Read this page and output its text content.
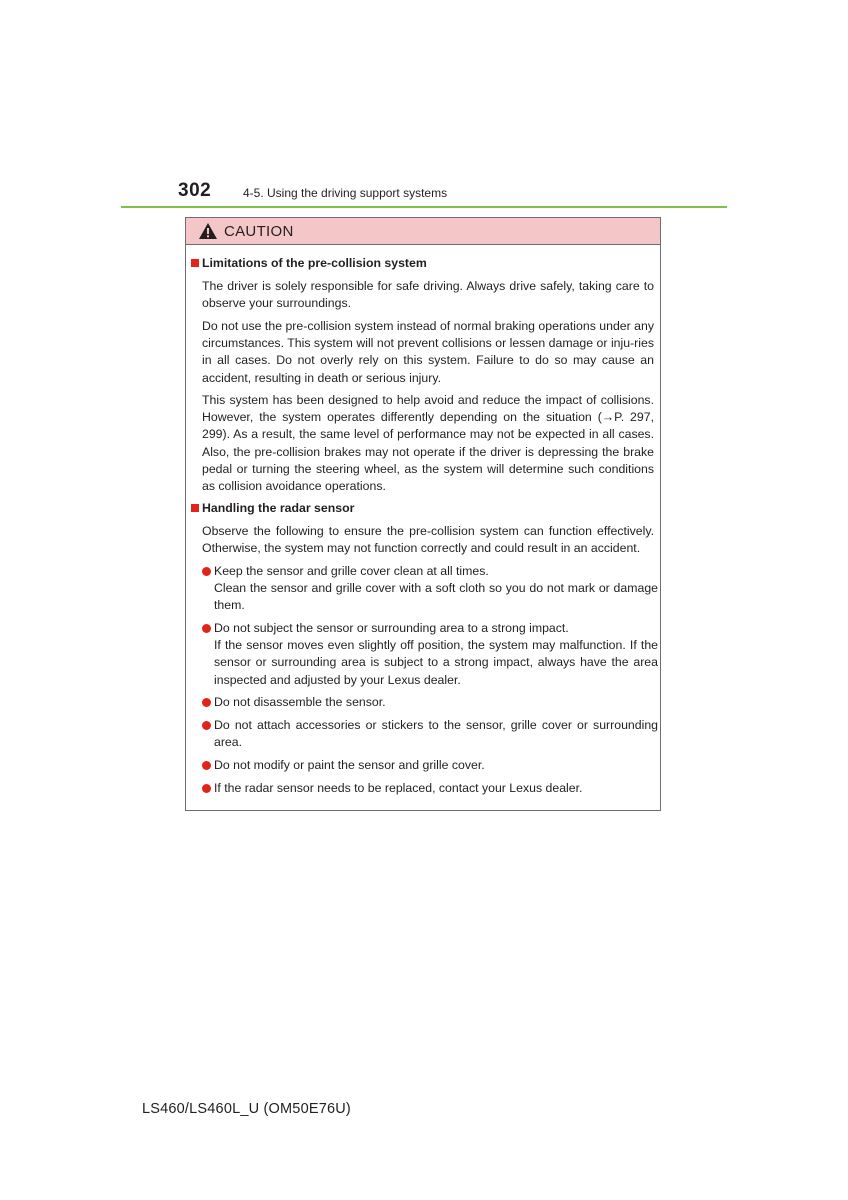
302	4-5. Using the driving support systems
CAUTION
Limitations of the pre-collision system
The driver is solely responsible for safe driving. Always drive safely, taking care to observe your surroundings.
Do not use the pre-collision system instead of normal braking operations under any circumstances. This system will not prevent collisions or lessen damage or inju-ries in all cases. Do not overly rely on this system. Failure to do so may cause an accident, resulting in death or serious injury.
This system has been designed to help avoid and reduce the impact of collisions. However, the system operates differently depending on the situation (→P. 297, 299). As a result, the same level of performance may not be expected in all cases. Also, the pre-collision brakes may not operate if the driver is depressing the brake pedal or turning the steering wheel, as the system will determine such conditions as collision avoidance operations.
Handling the radar sensor
Observe the following to ensure the pre-collision system can function effectively. Otherwise, the system may not function correctly and could result in an accident.
Keep the sensor and grille cover clean at all times.
Clean the sensor and grille cover with a soft cloth so you do not mark or damage them.
Do not subject the sensor or surrounding area to a strong impact.
If the sensor moves even slightly off position, the system may malfunction. If the sensor or surrounding area is subject to a strong impact, always have the area inspected and adjusted by your Lexus dealer.
Do not disassemble the sensor.
Do not attach accessories or stickers to the sensor, grille cover or surrounding area.
Do not modify or paint the sensor and grille cover.
If the radar sensor needs to be replaced, contact your Lexus dealer.
LS460/LS460L_U (OM50E76U)
